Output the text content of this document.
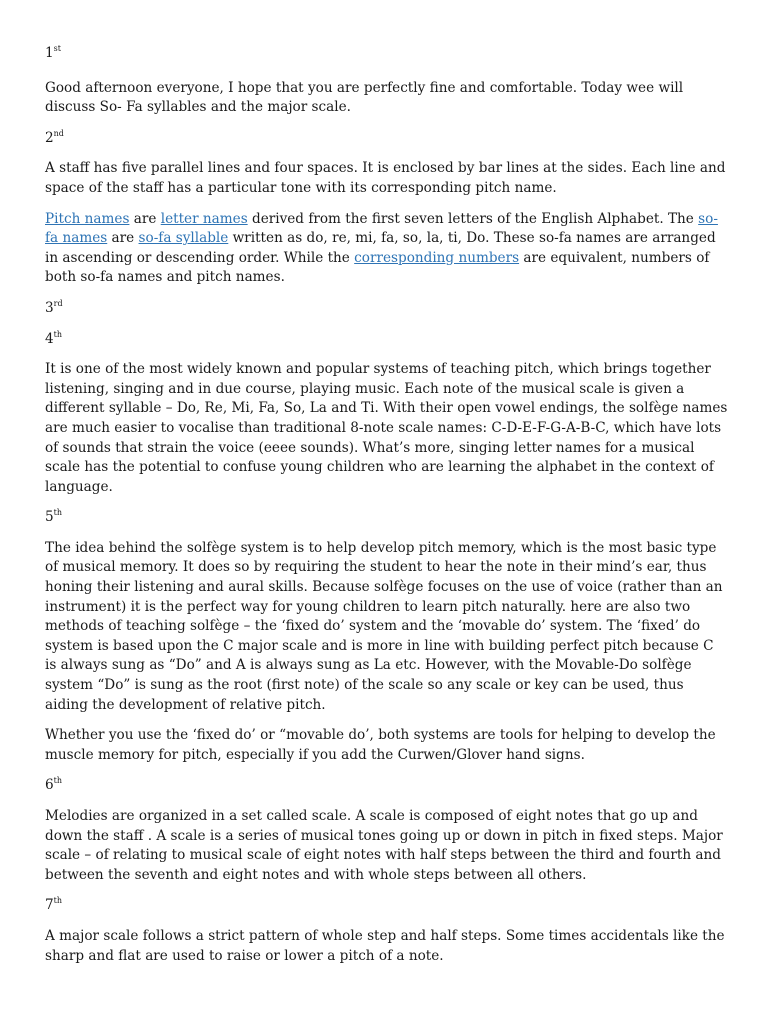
1st

Good afternoon everyone, I hope that you are perfectly fine and comfortable. Today wee will discuss So- Fa syllables and the major scale.

2nd

A staff has five parallel lines and four spaces. It is enclosed by bar lines at the sides. Each line and space of the staff has a particular tone with its corresponding pitch name.

Pitch names are letter names derived from the first seven letters of the English Alphabet. The so-fa names are so-fa syllable written as do, re, mi, fa, so, la, ti, Do. These so-fa names are arranged in ascending or descending order. While the corresponding numbers are equivalent, numbers of both so-fa names and pitch names.

3rd
4th

It is one of the most widely known and popular systems of teaching pitch, which brings together listening, singing and in due course, playing music. Each note of the musical scale is given a different syllable – Do, Re, Mi, Fa, So, La and Ti. With their open vowel endings, the solfège names are much easier to vocalise than traditional 8-note scale names: C-D-E-F-G-A-B-C, which have lots of sounds that strain the voice (eeee sounds). What’s more, singing letter names for a musical scale has the potential to confuse young children who are learning the alphabet in the context of language.

5th

The idea behind the solfège system is to help develop pitch memory, which is the most basic type of musical memory. It does so by requiring the student to hear the note in their mind’s ear, thus honing their listening and aural skills. Because solfège focuses on the use of voice (rather than an instrument) it is the perfect way for young children to learn pitch naturally. here are also two methods of teaching solfège – the ‘fixed do’ system and the ‘movable do’ system. The ‘fixed’ do system is based upon the C major scale and is more in line with building perfect pitch because C is always sung as “Do” and A is always sung as La etc. However, with the Movable-Do solfège system “Do” is sung as the root (first note) of the scale so any scale or key can be used, thus aiding the development of relative pitch.

Whether you use the ‘fixed do’ or “movable do’, both systems are tools for helping to develop the muscle memory for pitch, especially if you add the Curwen/Glover hand signs.

6th

Melodies are organized in a set called scale. A scale is composed of eight notes that go up and down the staff . A scale is a series of musical tones going up or down in pitch in fixed steps. Major scale – of relating to musical scale of eight notes with half steps between the third and fourth and between the seventh and eight notes and with whole steps between all others.

7th

A major scale follows a strict pattern of whole step and half steps. Some times accidentals like the sharp and flat are used to raise or lower a pitch of a note.
